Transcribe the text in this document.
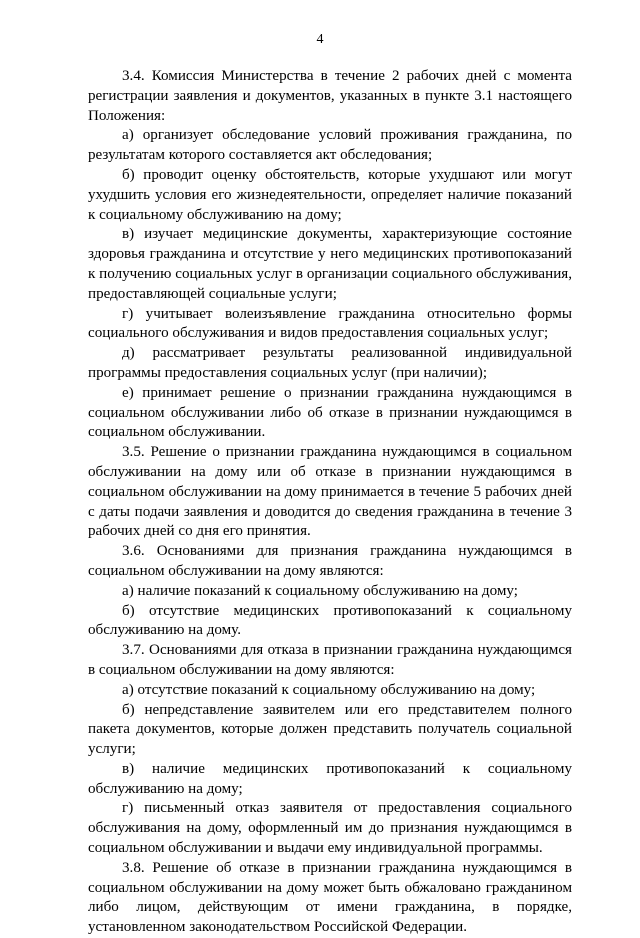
4

3.4. Комиссия Министерства в течение 2 рабочих дней с момента регистрации заявления и документов, указанных в пункте 3.1 настоящего Положения:

а) организует обследование условий проживания гражданина, по результатам которого составляется акт обследования;

б) проводит оценку обстоятельств, которые ухудшают или могут ухудшить условия его жизнедеятельности, определяет наличие показаний к социальному обслуживанию на дому;

в) изучает медицинские документы, характеризующие состояние здоровья гражданина и отсутствие у него медицинских противопоказаний к получению социальных услуг в организации социального обслуживания, предоставляющей социальные услуги;

г) учитывает волеизъявление гражданина относительно формы социального обслуживания и видов предоставления социальных услуг;

д) рассматривает результаты реализованной индивидуальной программы предоставления социальных услуг (при наличии);

е) принимает решение о признании гражданина нуждающимся в социальном обслуживании либо об отказе в признании нуждающимся в социальном обслуживании.

3.5. Решение о признании гражданина нуждающимся в социальном обслуживании на дому или об отказе в признании нуждающимся в социальном обслуживании на дому принимается в течение 5 рабочих дней с даты подачи заявления и доводится до сведения гражданина в течение 3 рабочих дней со дня его принятия.

3.6. Основаниями для признания гражданина нуждающимся в социальном обслуживании на дому являются:

а) наличие показаний к социальному обслуживанию на дому;

б) отсутствие медицинских противопоказаний к социальному обслуживанию на дому.

3.7. Основаниями для отказа в признании гражданина нуждающимся в социальном обслуживании на дому являются:

а) отсутствие показаний к социальному обслуживанию на дому;

б) непредставление заявителем или его представителем полного пакета документов, которые должен представить получатель социальной услуги;

в) наличие медицинских противопоказаний к социальному обслуживанию на дому;

г) письменный отказ заявителя от предоставления социального обслуживания на дому, оформленный им до признания нуждающимся в социальном обслуживании и выдачи ему индивидуальной программы.

3.8. Решение об отказе в признании гражданина нуждающимся в социальном обслуживании на дому может быть обжаловано гражданином либо лицом, действующим от имени гражданина, в порядке, установленном законодательством Российской Федерации.
